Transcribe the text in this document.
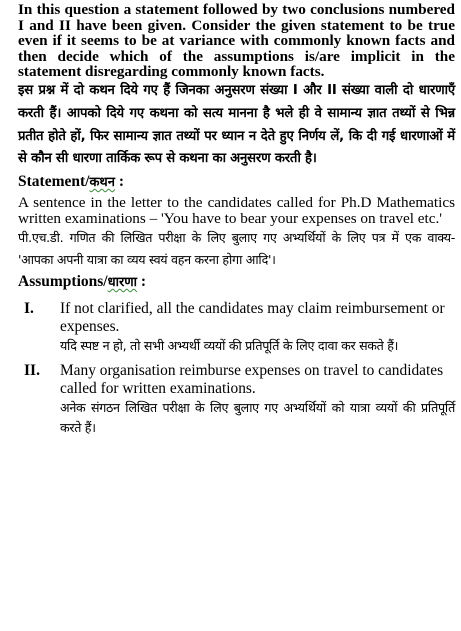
In this question a statement followed by two conclusions numbered I and II have been given. Consider the given statement to be true even if it seems to be at variance with commonly known facts and then decide which of the assumptions is/are implicit in the statement disregarding commonly known facts.

इस प्रश्न में दो कथन दिये गए हैं जिनका अनुसरण संख्या I और II संख्या वाली दो धारणाएँ करती हैं। आपको दिये गए कथना को सत्य मानना है भले ही वे सामान्य ज्ञात तथ्यों से भिन्न प्रतीत होते हों, फिर सामान्य ज्ञात तथ्यों पर ध्यान न देते हुए निर्णय लें, कि दी गई धारणाओं में से कौन सी धारणा तार्किक रूप से कथना का अनुसरण करती है।

Statement/कथन :

A sentence in the letter to the candidates called for Ph.D Mathematics written examinations – 'You have to bear your expenses on travel etc.'

पी.एच.डी. गणित की लिखित परीक्षा के लिए बुलाए गए अभ्यर्थियों के लिए पत्र में एक वाक्य- 'आपका अपनी यात्रा का व्यय स्वयं वहन करना होगा आदि'।

Assumptions/धारणा :

I.	If not clarified, all the candidates may claim reimbursement or expenses.

यदि स्पष्ट न हो, तो सभी अभ्यर्थी व्ययों की प्रतिपूर्ति के लिए दावा कर सकते हैं।

II.	Many organisation reimburse expenses on travel to candidates called for written examinations.

अनेक संगठन लिखित परीक्षा के लिए बुलाए गए अभ्यर्थियों को यात्रा व्ययों की प्रतिपूर्ति करते हैं।
